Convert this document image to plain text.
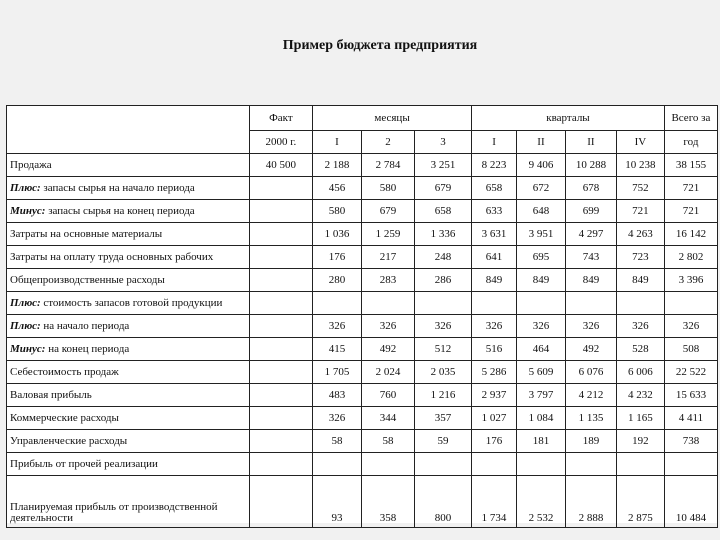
Пример бюджета предприятия
	Факт	месяцы			кварталы				Всего за
	2000 г.	I	2	3	I	II	II	IV	год
Продажа	40 500	2 188	2 784	3 251	8 223	9 406	10 288	10 238	38 155
Плюс: запасы сырья на начало периода		456	580	679	658	672	678	752	721
Минус: запасы сырья на конец периода		580	679	658	633	648	699	721	721
Затраты на основные материалы		1 036	1 259	1 336	3 631	3 951	4 297	4 263	16 142
Затраты на оплату труда основных рабочих		176	217	248	641	695	743	723	2 802
Общепроизводственные расходы		280	283	286	849	849	849	849	3 396
Плюс: стоимость запасов готовой продукции									
Плюс: на начало периода		326	326	326	326	326	326	326	326
Минус: на конец периода		415	492	512	516	464	492	528	508
Себестоимость продаж		1 705	2 024	2 035	5 286	5 609	6 076	6 006	22 522
Валовая прибыль		483	760	1 216	2 937	3 797	4 212	4 232	15 633
Коммерческие расходы		326	344	357	1 027	1 084	1 135	1 165	4 411
Управленческие расходы		58	58	59	176	181	189	192	738
Прибыль от прочей реализации									
Планируемая прибыль от производственной деятельности		93	358	800	1 734	2 532	2 888	2 875	10 484
